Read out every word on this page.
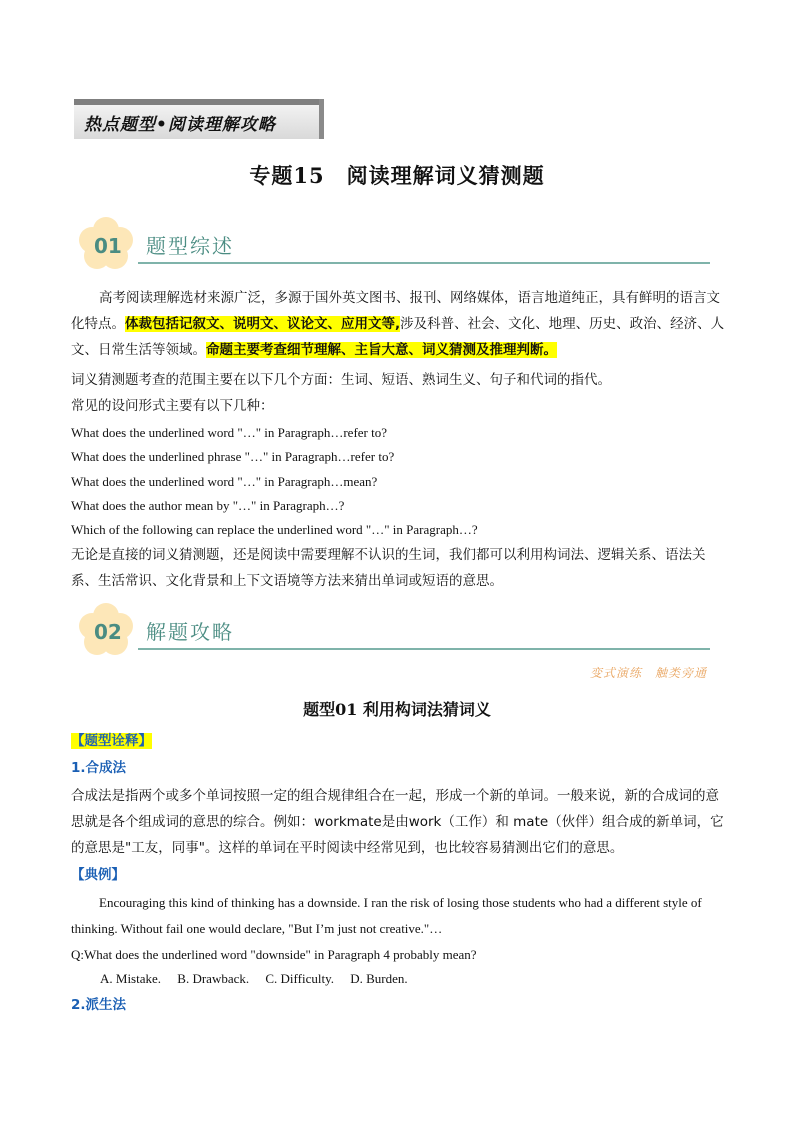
热点题型•阅读理解攻略
专题15　阅读理解词义猜测题
01 题型综述
高考阅读理解选材来源广泛，多源于国外英文图书、报刊、网络媒体，语言地道纯正，具有鲜明的语言文化特点。体裁包括记叙文、说明文、议论文、应用文等,涉及科普、社会、文化、地理、历史、政治、经济、人文、日常生活等领域。命题主要考查细节理解、主旨大意、词义猜测及推理判断。
词义猜测题考查的范围主要在以下几个方面：生词、短语、熟词生义、句子和代词的指代。
常见的设问形式主要有以下几种：
What does the underlined word "…" in Paragraph…refer to?
What does the underlined phrase "…" in Paragraph…refer to?
What does the underlined word "…" in Paragraph…mean?
What does the author mean by "…" in Paragraph…?
Which of the following can replace the underlined word "…" in Paragraph…?
无论是直接的词义猜测题，还是阅读中需要理解不认识的生词，我们都可以利用构词法、逻辑关系、语法关系、生活常识、文化背景和上下文语境等方法来猜出单词或短语的意思。
02 解题攻略
变式演练　触类旁通
题型01 利用构词法猜词义
【题型诠释】
1.合成法
合成法是指两个或多个单词按照一定的组合规律组合在一起，形成一个新的单词。一般来说，新的合成词的意思就是各个组成词的意思的综合。例如：workmate是由work（工作）和 mate（伙伴）组合成的新单词，它的意思是"工友，同事"。这样的单词在平时阅读中经常见到，也比较容易猜测出它们的意思。
【典例】
Encouraging this kind of thinking has a downside. I ran the risk of losing those students who had a different style of thinking. Without fail one would declare, "But I’m just not creative."…
Q:What does the underlined word "downside" in Paragraph 4 probably mean?
A. Mistake. B. Drawback. C. Difficulty. D. Burden.
2.派生法
